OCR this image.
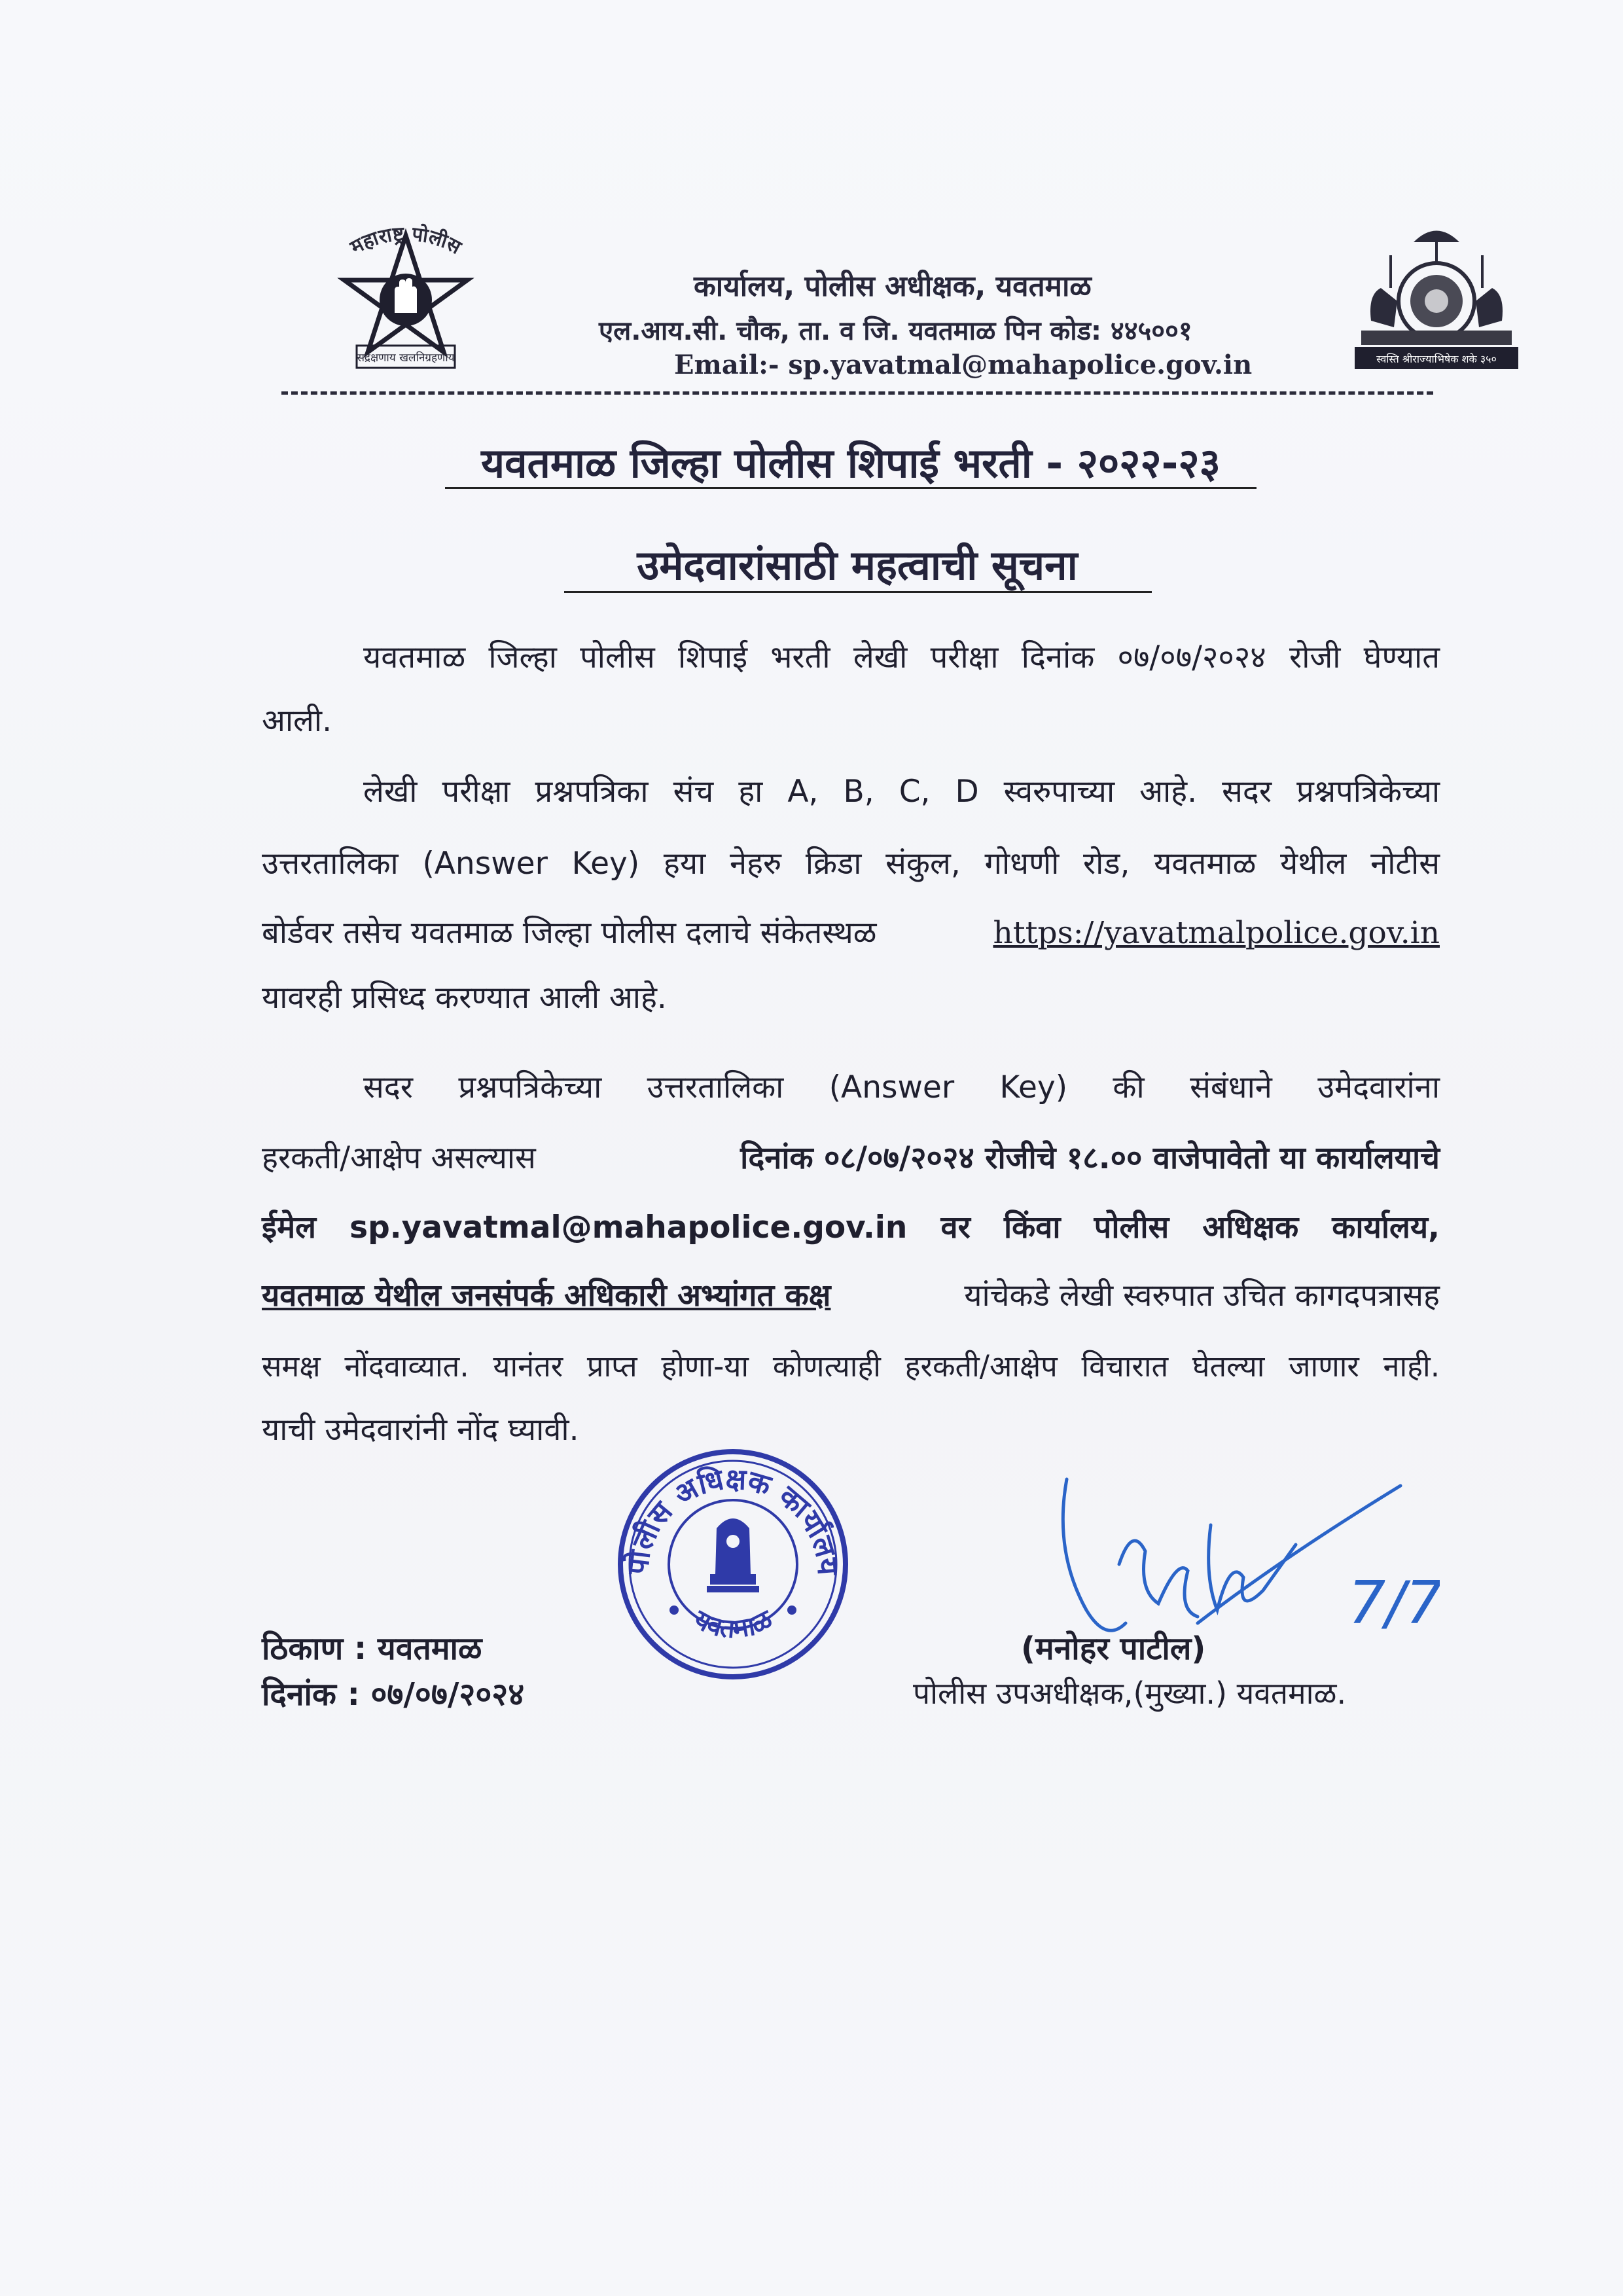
महाराष्ट्र पोलीस
सद्रक्षणाय खलनिग्रहणाय
कार्यालय, पोलीस अधीक्षक, यवतमाळ
एल.आय.सी. चौक, ता. व जि. यवतमाळ पिन कोड: ४४५००१
Email:- sp.yavatmal@mahapolice.gov.in	स्वस्ति श्रीराज्याभिषेक शके ३५०
यवतमाळ जिल्हा पोलीस शिपाई भरती - २०२२-२३
उमेदवारांसाठी महत्वाची सूचना
यवतमाळ जिल्हा पोलीस शिपाई भरती लेखी परीक्षा दिनांक ०७/०७/२०२४ रोजी घेण्यात
आली.
लेखी परीक्षा प्रश्नपत्रिका संच हा A, B, C, D स्वरुपाच्या आहे. सदर प्रश्नपत्रिकेच्या
उत्तरतालिका (Answer Key) हया नेहरु क्रिडा संकुल, गोधणी रोड, यवतमाळ येथील नोटीस
बोर्डवर तसेच यवतमाळ जिल्हा पोलीस दलाचे संकेतस्थळ	https://yavatmalpolice.gov.in
यावरही प्रसिध्द करण्यात आली आहे.
सदर प्रश्नपत्रिकेच्या उत्तरतालिका (Answer Key) की संबंधाने उमेदवारांना
हरकती/आक्षेप असल्यास	दिनांक ०८/०७/२०२४ रोजीचे १८.०० वाजेपावेतो या कार्यालयाचे
ईमेल sp.yavatmal@mahapolice.gov.in वर किंवा पोलीस अधिक्षक कार्यालय,
यवतमाळ येथील जनसंपर्क अधिकारी अभ्यांगत कक्ष	यांचेकडे लेखी स्वरुपात उचित कागदपत्रासह
समक्ष नोंदवाव्यात. यानंतर प्राप्त होणा-या कोणत्याही हरकती/आक्षेप विचारात घेतल्या जाणार नाही.
याची उमेदवारांनी नोंद घ्यावी.
पोलीस अधिक्षक कार्यालय
यवतमाळ	7/7
ठिकाण : यवतमाळ
दिनांक : ०७/०७/२०२४
(मनोहर पाटील)
पोलीस उपअधीक्षक,(मुख्या.) यवतमाळ.
